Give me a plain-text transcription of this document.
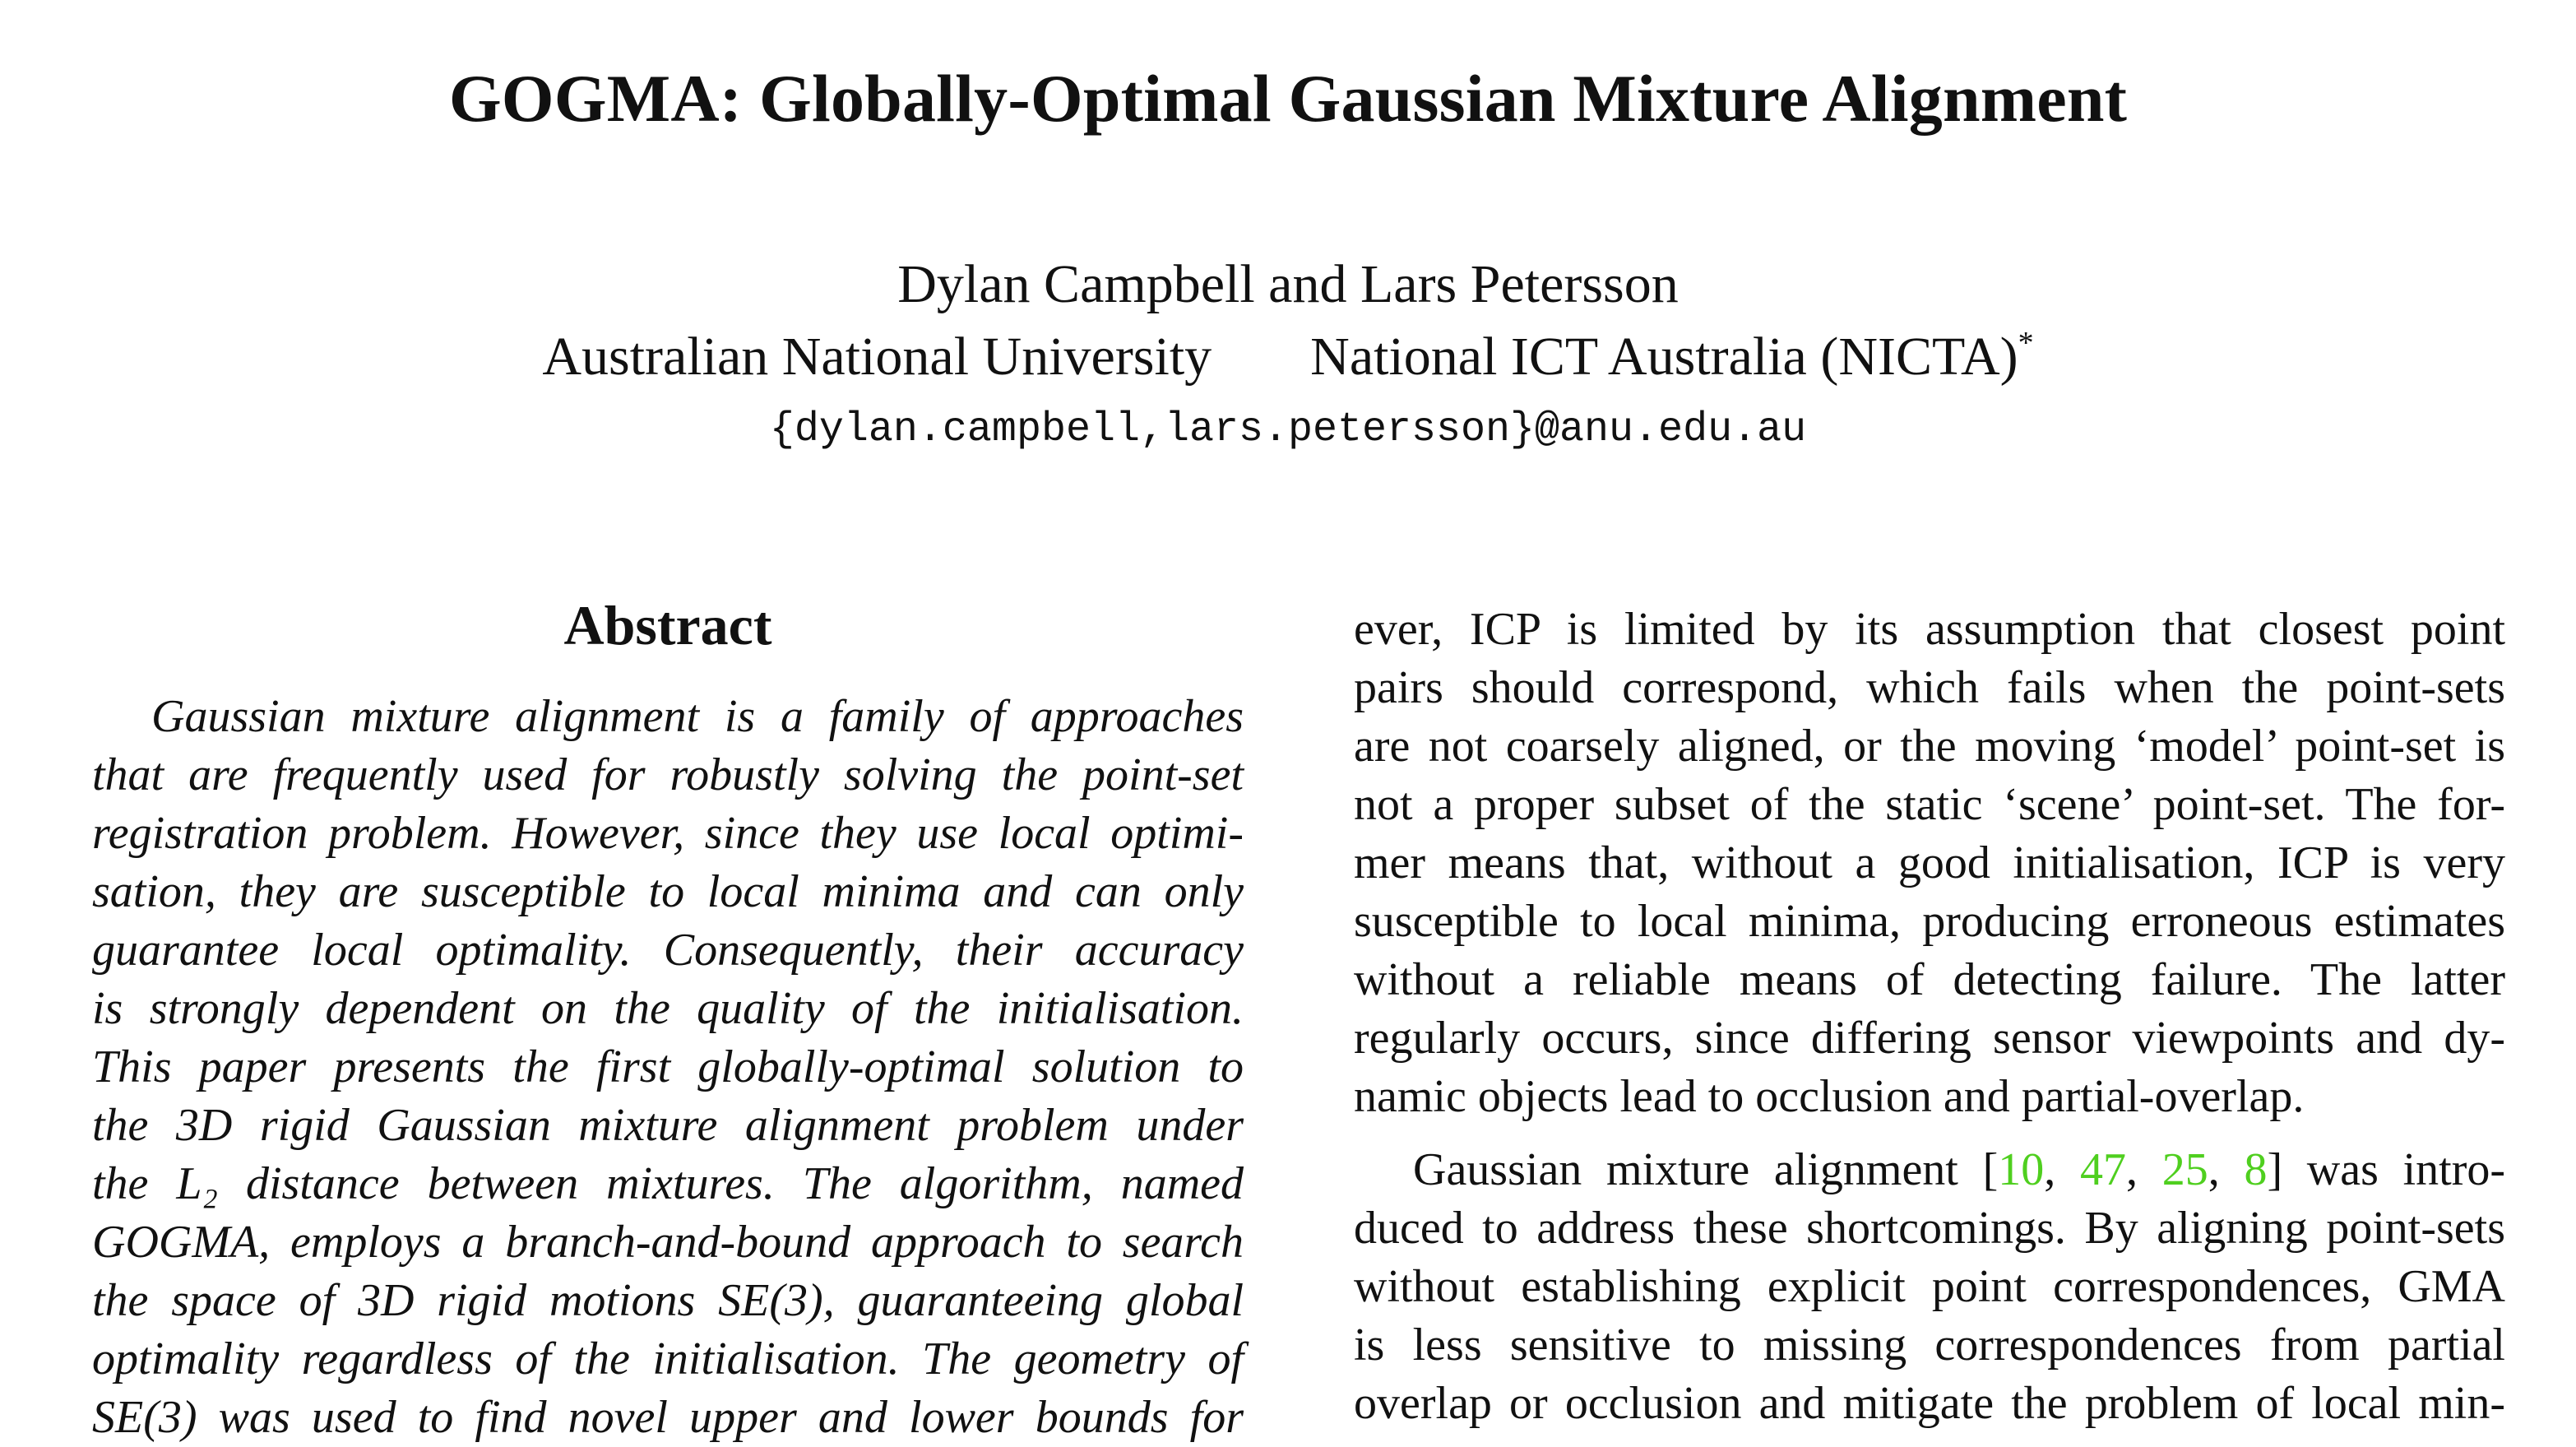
GOGMA: Globally-Optimal Gaussian Mixture Alignment
Dylan Campbell and Lars Petersson
Australian National University National ICT Australia (NICTA)*
{dylan.campbell,lars.petersson}@anu.edu.au
Abstract
Gaussian mixture alignment is a family of approaches
that are frequently used for robustly solving the point-set
registration problem. However, since they use local optimi-
sation, they are susceptible to local minima and can only
guarantee local optimality. Consequently, their accuracy
is strongly dependent on the quality of the initialisation.
This paper presents the first globally-optimal solution to
the 3D rigid Gaussian mixture alignment problem under
the L₂ distance between mixtures. The algorithm, named
GOGMA, employs a branch-and-bound approach to search
the space of 3D rigid motions SE(3), guaranteeing global
optimality regardless of the initialisation. The geometry of
SE(3) was used to find novel upper and lower bounds for
ever, ICP is limited by its assumption that closest point
pairs should correspond, which fails when the point-sets
are not coarsely aligned, or the moving ‘model’ point-set is
not a proper subset of the static ‘scene’ point-set. The for-
mer means that, without a good initialisation, ICP is very
susceptible to local minima, producing erroneous estimates
without a reliable means of detecting failure. The latter
regularly occurs, since differing sensor viewpoints and dy-
namic objects lead to occlusion and partial-overlap.
Gaussian mixture alignment [10, 47, 25, 8] was intro-
duced to address these shortcomings. By aligning point-sets
without establishing explicit point correspondences, GMA
is less sensitive to missing correspondences from partial
overlap or occlusion and mitigate the problem of local min-
